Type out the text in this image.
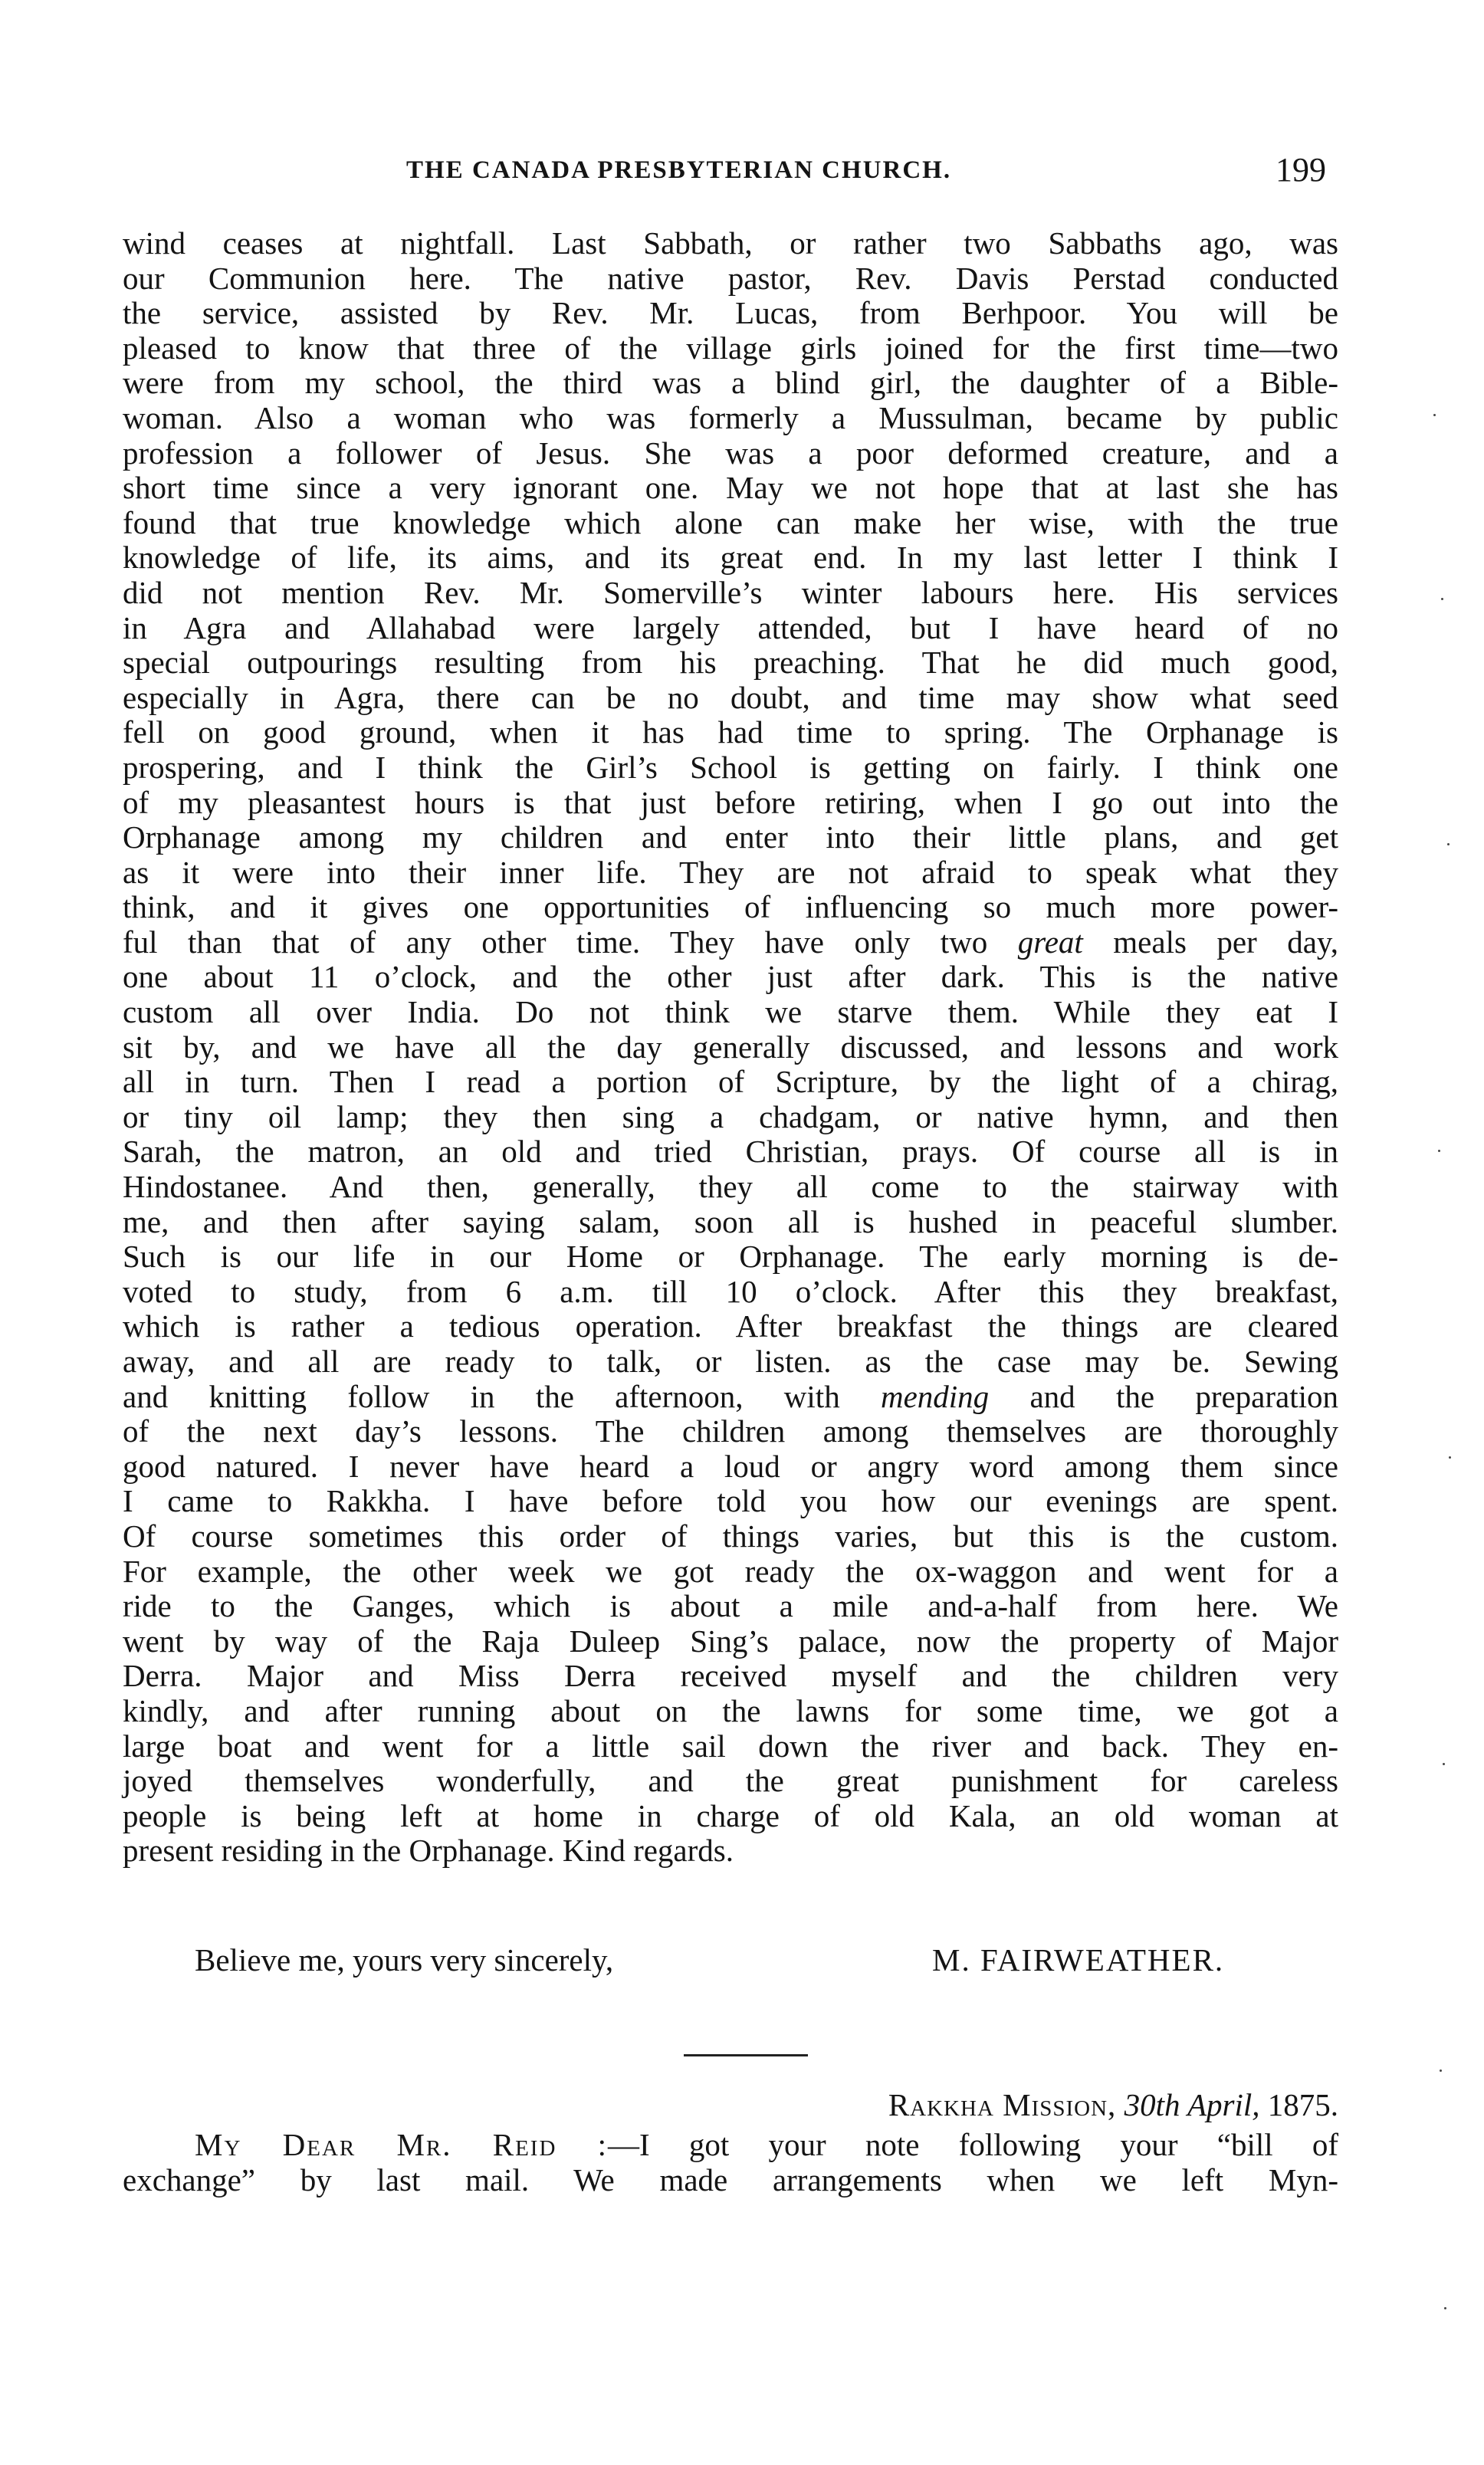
THE CANADA PRESBYTERIAN CHURCH.	199
wind ceases at nightfall. Last Sabbath, or rather two Sabbaths ago, was
our Communion here. The native pastor, Rev. Davis Perstad conducted
the service, assisted by Rev. Mr. Lucas, from Berhpoor. You will be
pleased to know that three of the village girls joined for the first time—two
were from my school, the third was a blind girl, the daughter of a Bible-
woman. Also a woman who was formerly a Mussulman, became by public
profession a follower of Jesus. She was a poor deformed creature, and a
short time since a very ignorant one. May we not hope that at last she has
found that true knowledge which alone can make her wise, with the true
knowledge of life, its aims, and its great end. In my last letter I think I
did not mention Rev. Mr. Somerville’s winter labours here. His services
in Agra and Allahabad were largely attended, but I have heard of no
special outpourings resulting from his preaching. That he did much good,
especially in Agra, there can be no doubt, and time may show what seed
fell on good ground, when it has had time to spring. The Orphanage is
prospering, and I think the Girl’s School is getting on fairly. I think one
of my pleasantest hours is that just before retiring, when I go out into the
Orphanage among my children and enter into their little plans, and get
as it were into their inner life. They are not afraid to speak what they
think, and it gives one opportunities of influencing so much more power-
ful than that of any other time. They have only two great meals per day,
one about 11 o’clock, and the other just after dark. This is the native
custom all over India. Do not think we starve them. While they eat I
sit by, and we have all the day generally discussed, and lessons and work
all in turn. Then I read a portion of Scripture, by the light of a chirag,
or tiny oil lamp; they then sing a chadgam, or native hymn, and then
Sarah, the matron, an old and tried Christian, prays. Of course all is in
Hindostanee. And then, generally, they all come to the stairway with
me, and then after saying salam, soon all is hushed in peaceful slumber.
Such is our life in our Home or Orphanage. The early morning is de-
voted to study, from 6 a.m. till 10 o’clock. After this they breakfast,
which is rather a tedious operation. After breakfast the things are cleared
away, and all are ready to talk, or listen. as the case may be. Sewing
and knitting follow in the afternoon, with mending and the preparation
of the next day’s lessons. The children among themselves are thoroughly
good natured. I never have heard a loud or angry word among them since
I came to Rakkha. I have before told you how our evenings are spent.
Of course sometimes this order of things varies, but this is the custom.
For example, the other week we got ready the ox-waggon and went for a
ride to the Ganges, which is about a mile and-a-half from here. We
went by way of the Raja Duleep Sing’s palace, now the property of Major
Derra. Major and Miss Derra received myself and the children very
kindly, and after running about on the lawns for some time, we got a
large boat and went for a little sail down the river and back. They en-
joyed themselves wonderfully, and the great punishment for careless
people is being left at home in charge of old Kala, an old woman at
present residing in the Orphanage. Kind regards.
Believe me, yours very sincerely,	M. FAIRWEATHER.
Rakkha Mission, 30th April, 1875.
My Dear Mr. Reid :—I got your note following your “bill of
exchange” by last mail. We made arrangements when we left Myn-
